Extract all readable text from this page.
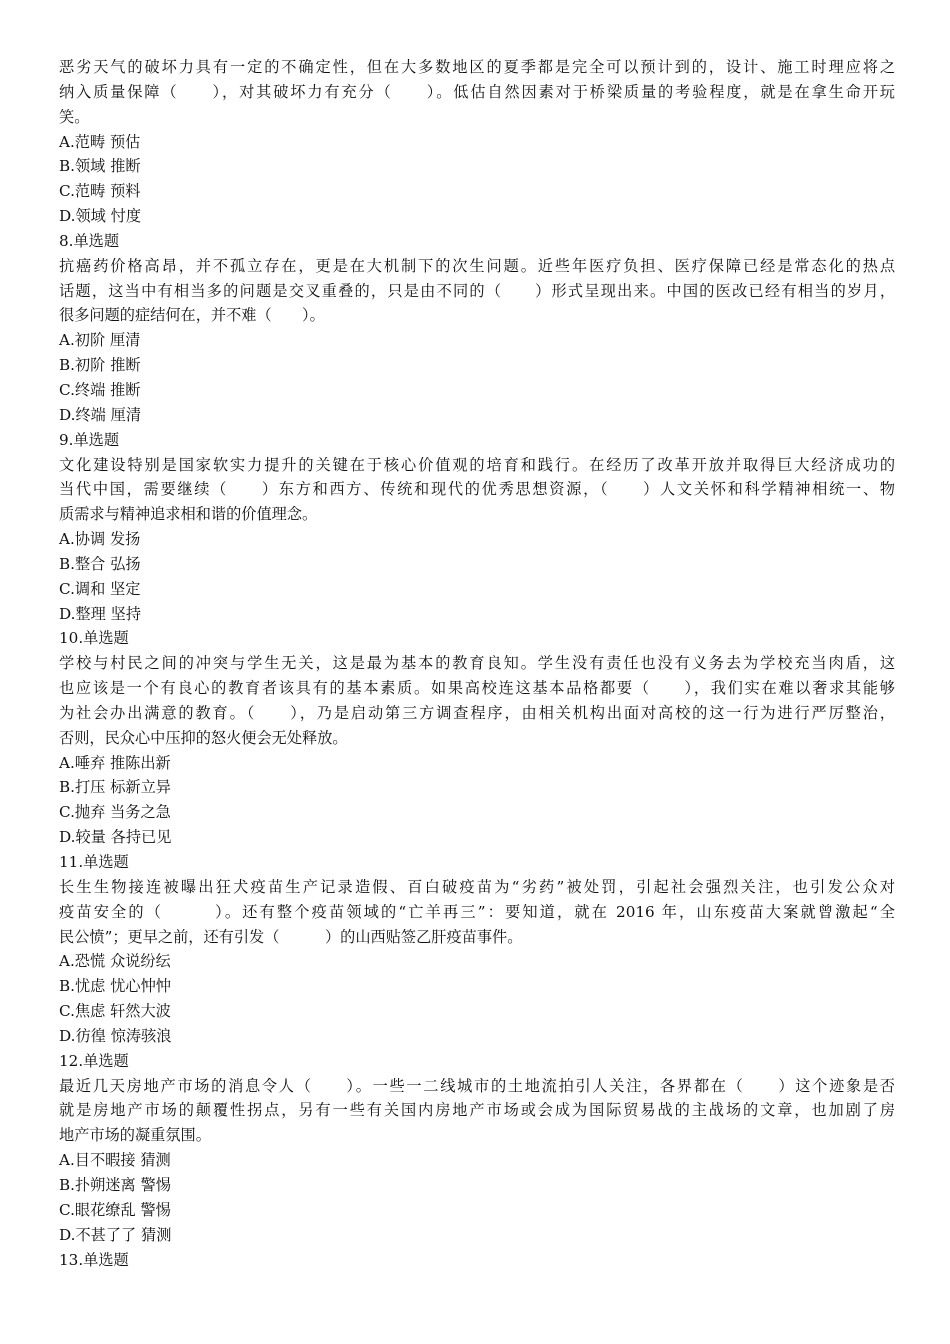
恶劣天气的破坏力具有一定的不确定性，但在大多数地区的夏季都是完全可以预计到的，设计、施工时理应将之
纳入质量保障（　　），对其破坏力有充分（　　）。低估自然因素对于桥梁质量的考验程度，就是在拿生命开玩
笑。
A.范畴 预估
B.领域 推断
C.范畴 预料
D.领域 忖度
8.单选题
抗癌药价格高昂，并不孤立存在，更是在大机制下的次生问题。近些年医疗负担、医疗保障已经是常态化的热点
话题，这当中有相当多的问题是交叉重叠的，只是由不同的（　　）形式呈现出来。中国的医改已经有相当的岁月，
很多问题的症结何在，并不难（　　）。
A.初阶 厘清
B.初阶 推断
C.终端 推断
D.终端 厘清
9.单选题
文化建设特别是国家软实力提升的关键在于核心价值观的培育和践行。在经历了改革开放并取得巨大经济成功的
当代中国，需要继续（　　）东方和西方、传统和现代的优秀思想资源，（　　）人文关怀和科学精神相统一、物
质需求与精神追求相和谐的价值理念。
A.协调 发扬
B.整合 弘扬
C.调和 坚定
D.整理 坚持
10.单选题
学校与村民之间的冲突与学生无关，这是最为基本的教育良知。学生没有责任也没有义务去为学校充当肉盾，这
也应该是一个有良心的教育者该具有的基本素质。如果高校连这基本品格都要（　　），我们实在难以奢求其能够
为社会办出满意的教育。（　　），乃是启动第三方调查程序，由相关机构出面对高校的这一行为进行严厉整治，
否则，民众心中压抑的怒火便会无处释放。
A.唾弃 推陈出新
B.打压 标新立异
C.抛弃 当务之急
D.较量 各持已见
11.单选题
长生生物接连被曝出狂犬疫苗生产记录造假、百白破疫苗为“劣药”被处罚，引起社会强烈关注，也引发公众对
疫苗安全的（　　　）。还有整个疫苗领域的“亡羊再三”：要知道，就在 2016 年，山东疫苗大案就曾激起“全
民公愤”；更早之前，还有引发（　　　）的山西贴签乙肝疫苗事件。
A.恐慌 众说纷纭
B.忧虑 忧心忡忡
C.焦虑 轩然大波
D.彷徨 惊涛骇浪
12.单选题
最近几天房地产市场的消息令人（　　）。一些一二线城市的土地流拍引人关注，各界都在（　　）这个迹象是否
就是房地产市场的颠覆性拐点，另有一些有关国内房地产市场或会成为国际贸易战的主战场的文章，也加剧了房
地产市场的凝重氛围。
A.目不暇接 猜测
B.扑朔迷离 警惕
C.眼花缭乱 警惕
D.不甚了了 猜测
13.单选题
